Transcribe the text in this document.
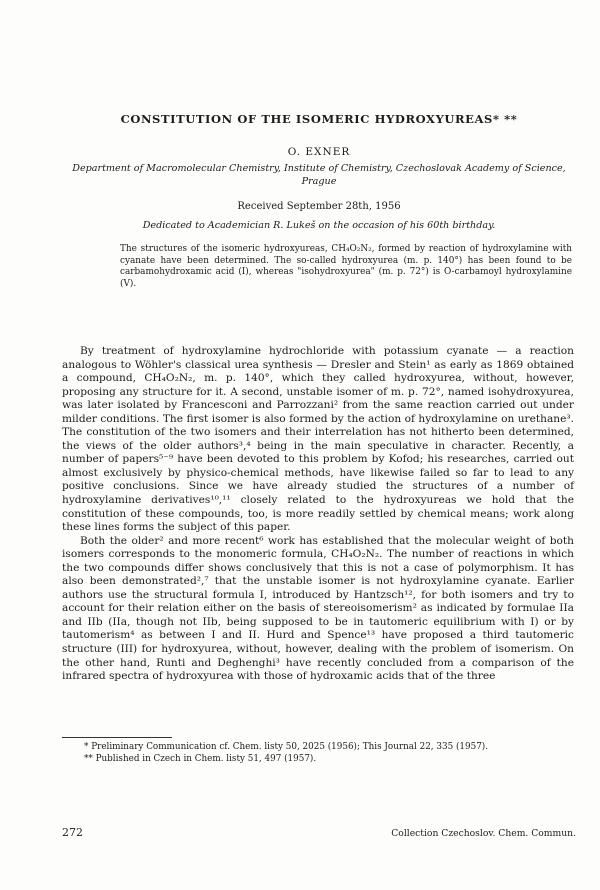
CONSTITUTION OF THE ISOMERIC HYDROXYUREAS* **
O. EXNER
Department of Macromolecular Chemistry, Institute of Chemistry, Czechoslovak Academy of Science, Prague
Received September 28th, 1956
Dedicated to Academician R. Lukeš on the occasion of his 60th birthday.

The structures of the isomeric hydroxyureas, CH₄O₂N₂, formed by reaction of hydroxylamine with cyanate have been determined. The so-called hydroxyurea (m. p. 140°) has been found to be carbamohydroxamic acid (I), whereas "isohydroxyurea" (m. p. 72°) is O-carbamoyl hydroxylamine (V).

By treatment of hydroxylamine hydrochloride with potassium cyanate — a reaction analogous to Wöhler's classical urea synthesis — Dresler and Stein¹ as early as 1869 obtained a compound, CH₄O₂N₂, m. p. 140°, which they called hydroxyurea, without, however, proposing any structure for it. A second, unstable isomer of m. p. 72°, named isohydroxyurea, was later isolated by Francesconi and Parrozzani² from the same reaction carried out under milder conditions. The first isomer is also formed by the action of hydroxylamine on urethane³. The constitution of the two isomers and their interrelation has not hitherto been determined, the views of the older authors³,⁴ being in the main speculative in character. Recently, a number of papers⁵⁻⁹ have been devoted to this problem by Kofod; his researches, carried out almost exclusively by physico-chemical methods, have likewise failed so far to lead to any positive conclusions. Since we have already studied the structures of a number of hydroxylamine derivatives¹⁰,¹¹ closely related to the hydroxyureas we hold that the constitution of these compounds, too, is more readily settled by chemical means; work along these lines forms the subject of this paper.

Both the older² and more recent⁶ work has established that the molecular weight of both isomers corresponds to the monomeric formula, CH₄O₂N₂. The number of reactions in which the two compounds differ shows conclusively that this is not a case of polymorphism. It has also been demonstrated²,⁷ that the unstable isomer is not hydroxylamine cyanate. Earlier authors use the structural formula I, introduced by Hantzsch¹², for both isomers and try to account for their relation either on the basis of stereoisomerism² as indicated by formulae IIa and IIb (IIa, though not IIb, being supposed to be in tautomeric equilibrium with I) or by tautomerism⁴ as between I and II. Hurd and Spence¹³ have proposed a third tautomeric structure (III) for hydroxyurea, without, however, dealing with the problem of isomerism. On the other hand, Runti and Deghenghi³ have recently concluded from a comparison of the infrared spectra of hydroxyurea with those of hydroxamic acids that of the three

* Preliminary Communication cf. Chem. listy 50, 2025 (1956); This Journal 22, 335 (1957).
** Published in Czech in Chem. listy 51, 497 (1957).
272	Collection Czechoslov. Chem. Commun.
